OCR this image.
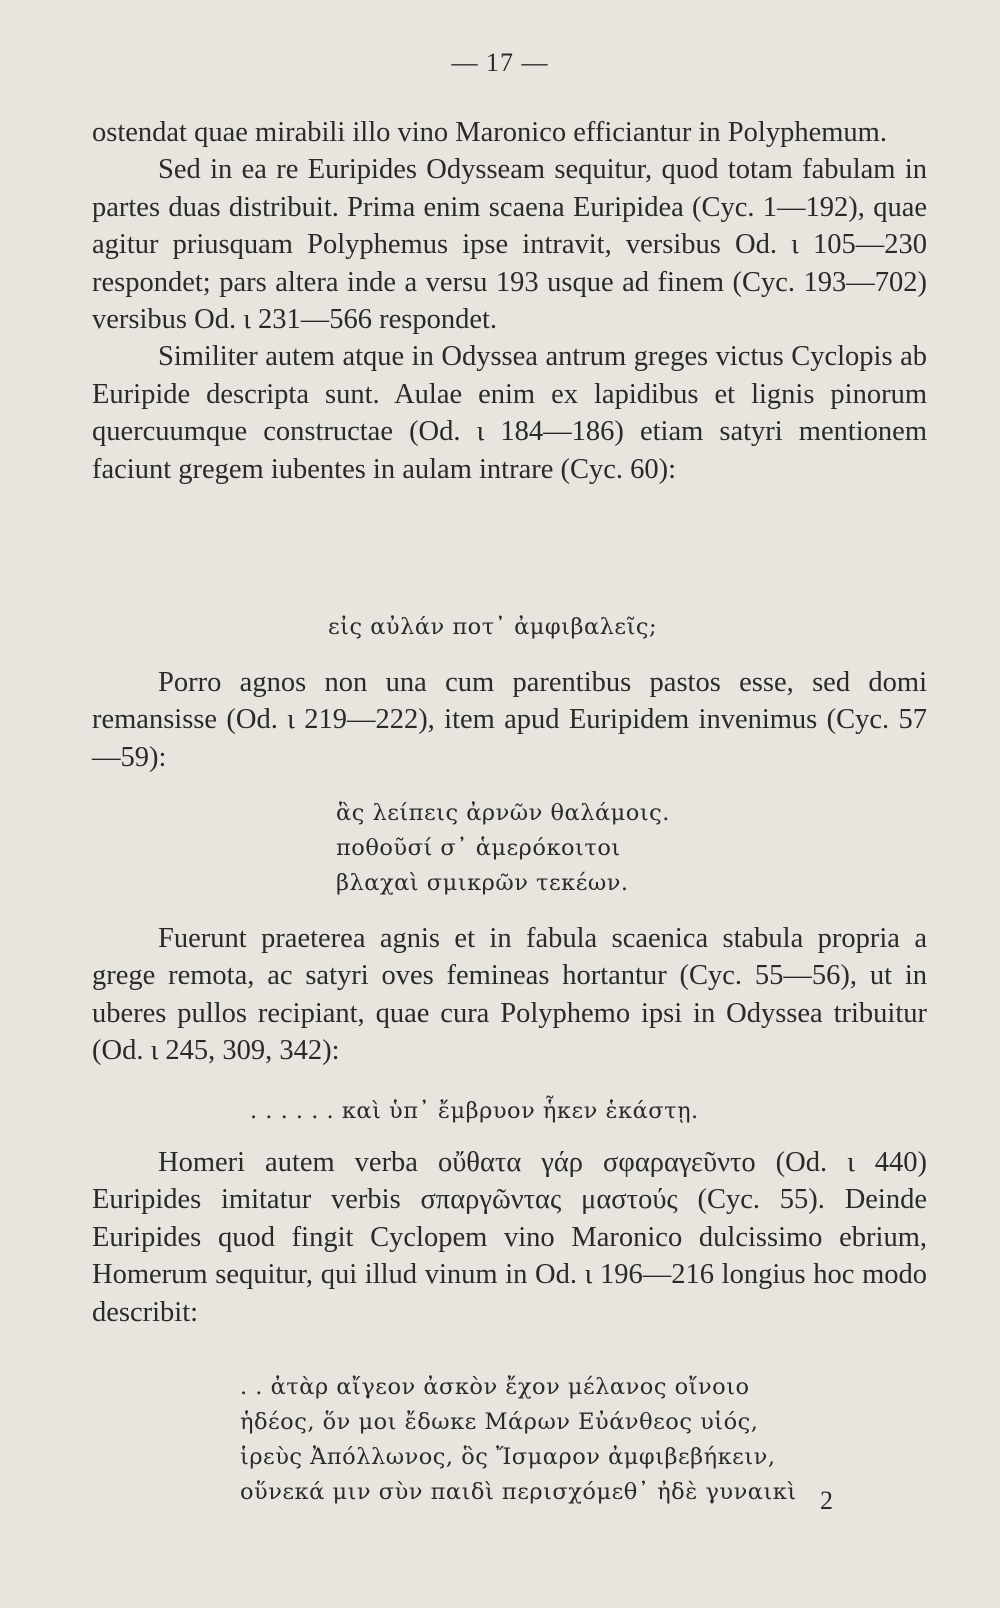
— 17 —

ostendat quae mirabili illo vino Maronico efficiantur in Polyphemum.

Sed in ea re Euripides Odysseam sequitur, quod totam fabulam in partes duas distribuit. Prima enim scaena Euripidea (Cyc. 1—192), quae agitur priusquam Polyphemus ipse intravit, versibus Od. ι 105—230 respondet; pars altera inde a versu 193 usque ad finem (Cyc. 193—702) versibus Od. ι 231—566 respondet.

Similiter autem atque in Odyssea antrum greges victus Cyclopis ab Euripide descripta sunt. Aulae enim ex lapidibus et lignis pinorum quercuumque constructae (Od. ι 184—186) etiam satyri mentionem faciunt gregem iubentes in aulam intrare (Cyc. 60):

εἰς αὐλάν ποτ᾽ ἀμφιβαλεῖς;

Porro agnos non una cum parentibus pastos esse, sed domi remansisse (Od. ι 219—222), item apud Euripidem invenimus (Cyc. 57—59):

ἃς λείπεις ἀρνῶν θαλάμοις.
ποθοῦσί σ᾽ ἁμερόκοιτοι
βλαχαὶ σμικρῶν τεκέων.

Fuerunt praeterea agnis et in fabula scaenica stabula propria a grege remota, ac satyri oves femineas hortantur (Cyc. 55—56), ut in uberes pullos recipiant, quae cura Polyphemo ipsi in Odyssea tribuitur (Od. ι 245, 309, 342):

. . . . . . καὶ ὑπ᾽ ἔμβρυον ἧκεν ἑκάστῃ.

Homeri autem verba οὔθατα γάρ σφαραγεῦντο (Od. ι 440) Euripides imitatur verbis σπαργῶντας μαστούς (Cyc. 55). Deinde Euripides quod fingit Cyclopem vino Maronico dulcissimo ebrium, Homerum sequitur, qui illud vinum in Od. ι 196—216 longius hoc modo describit:

. . ἀτὰρ αἴγεον ἀσκὸν ἔχον μέλανος οἴνοιο
ἡδέος, ὅν μοι ἔδωκε Μάρων Εὐάνθεος υἱός,
ἱρεὺς Ἀπόλλωνος, ὃς Ἴσμαρον ἀμφιβεβήκειν,
οὕνεκά μιν σὺν παιδὶ περισχόμεθ᾽ ἠδὲ γυναικὶ 2
